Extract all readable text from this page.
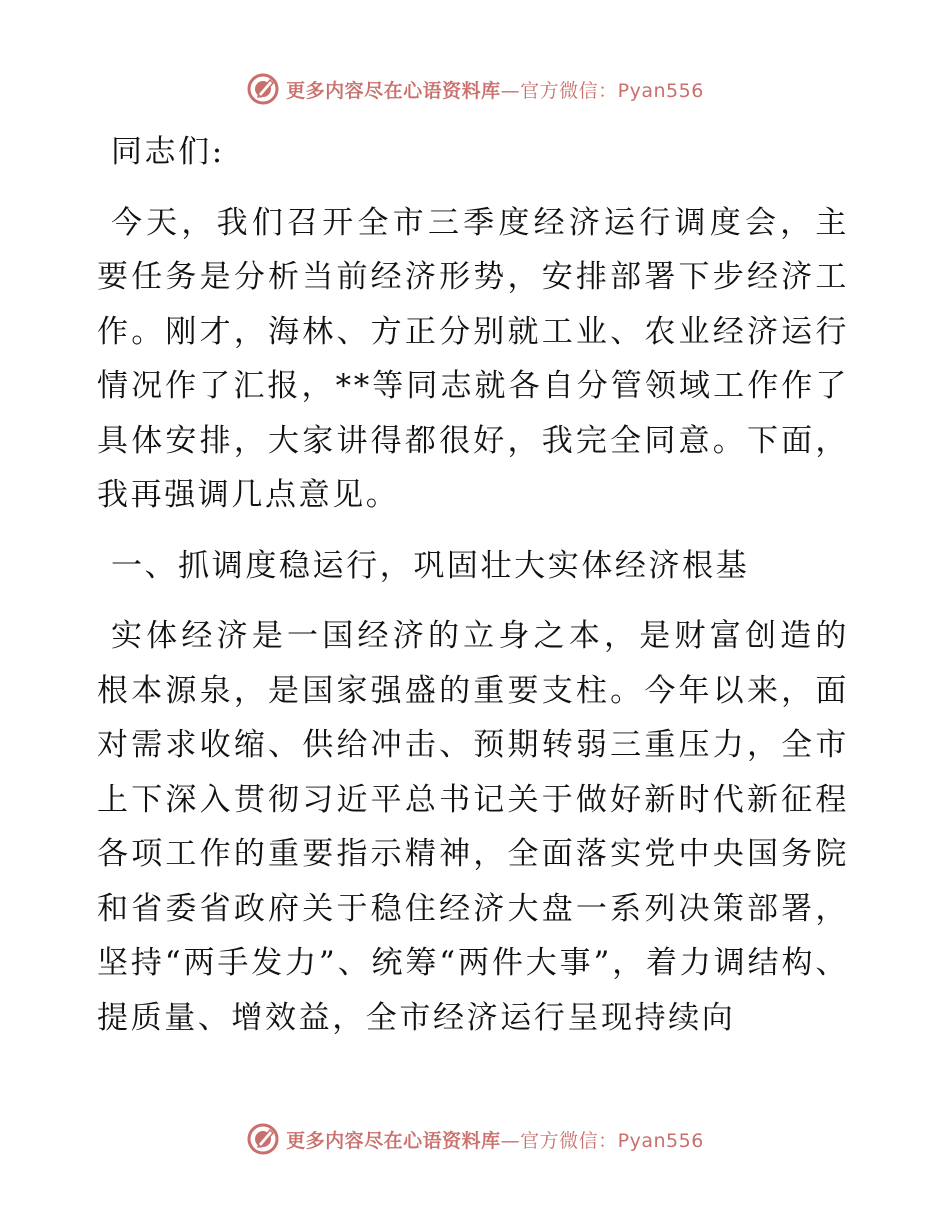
更多内容尽在心语资料库—官方微信：Pyan556

同志们:

今天，我们召开全市三季度经济运行调度会，主要任务是分析当前经济形势，安排部署下步经济工作。刚才，海林、方正分别就工业、农业经济运行情况作了汇报，**等同志就各自分管领域工作作了具体安排，大家讲得都很好，我完全同意。下面，我再强调几点意见。

一、抓调度稳运行，巩固壮大实体经济根基

实体经济是一国经济的立身之本，是财富创造的根本源泉，是国家强盛的重要支柱。今年以来，面对需求收缩、供给冲击、预期转弱三重压力，全市上下深入贯彻习近平总书记关于做好新时代新征程各项工作的重要指示精神，全面落实党中央国务院和省委省政府关于稳住经济大盘一系列决策部署，坚持“两手发力”、统筹“两件大事”，着力调结构、提质量、增效益，全市经济运行呈现持续向

更多内容尽在心语资料库—官方微信：Pyan556
